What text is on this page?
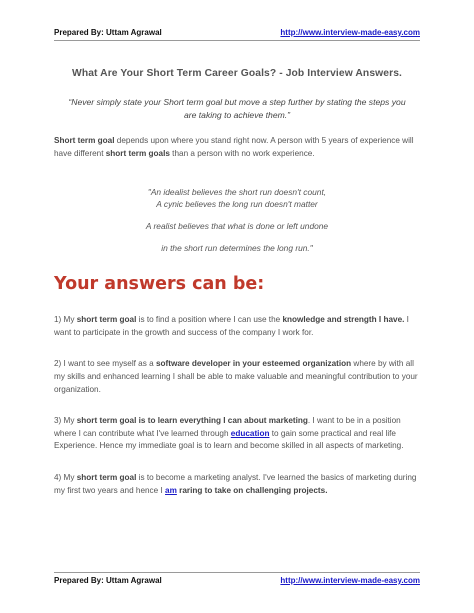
Prepared By: Uttam Agrawal	http://www.interview-made-easy.com
What Are Your Short Term Career Goals? - Job Interview Answers.
“Never simply state your Short term goal but move a step further by stating the steps you are taking to achieve them.”

Short term goal depends upon where you stand right now. A person with 5 years of experience will have different short term goals than a person with no work experience.

"An idealist believes the short run doesn't count,
A cynic believes the long run doesn't matter
A realist believes that what is done or left undone
in the short run determines the long run."
Your answers can be:

1) My short term goal is to find a position where I can use the knowledge and strength I have. I want to participate in the growth and success of the company I work for.

2) I want to see myself as a software developer in your esteemed organization where by with all my skills and enhanced learning I shall be able to make valuable and meaningful contribution to your organization.

3) My short term goal is to learn everything I can about marketing. I want to be in a position where I can contribute what I've learned through education to gain some practical and real life Experience. Hence my immediate goal is to learn and become skilled in all aspects of marketing.

4) My short term goal is to become a marketing analyst. I've learned the basics of marketing during my first two years and hence I am raring to take on challenging projects.

Prepared By: Uttam Agrawal	http://www.interview-made-easy.com
